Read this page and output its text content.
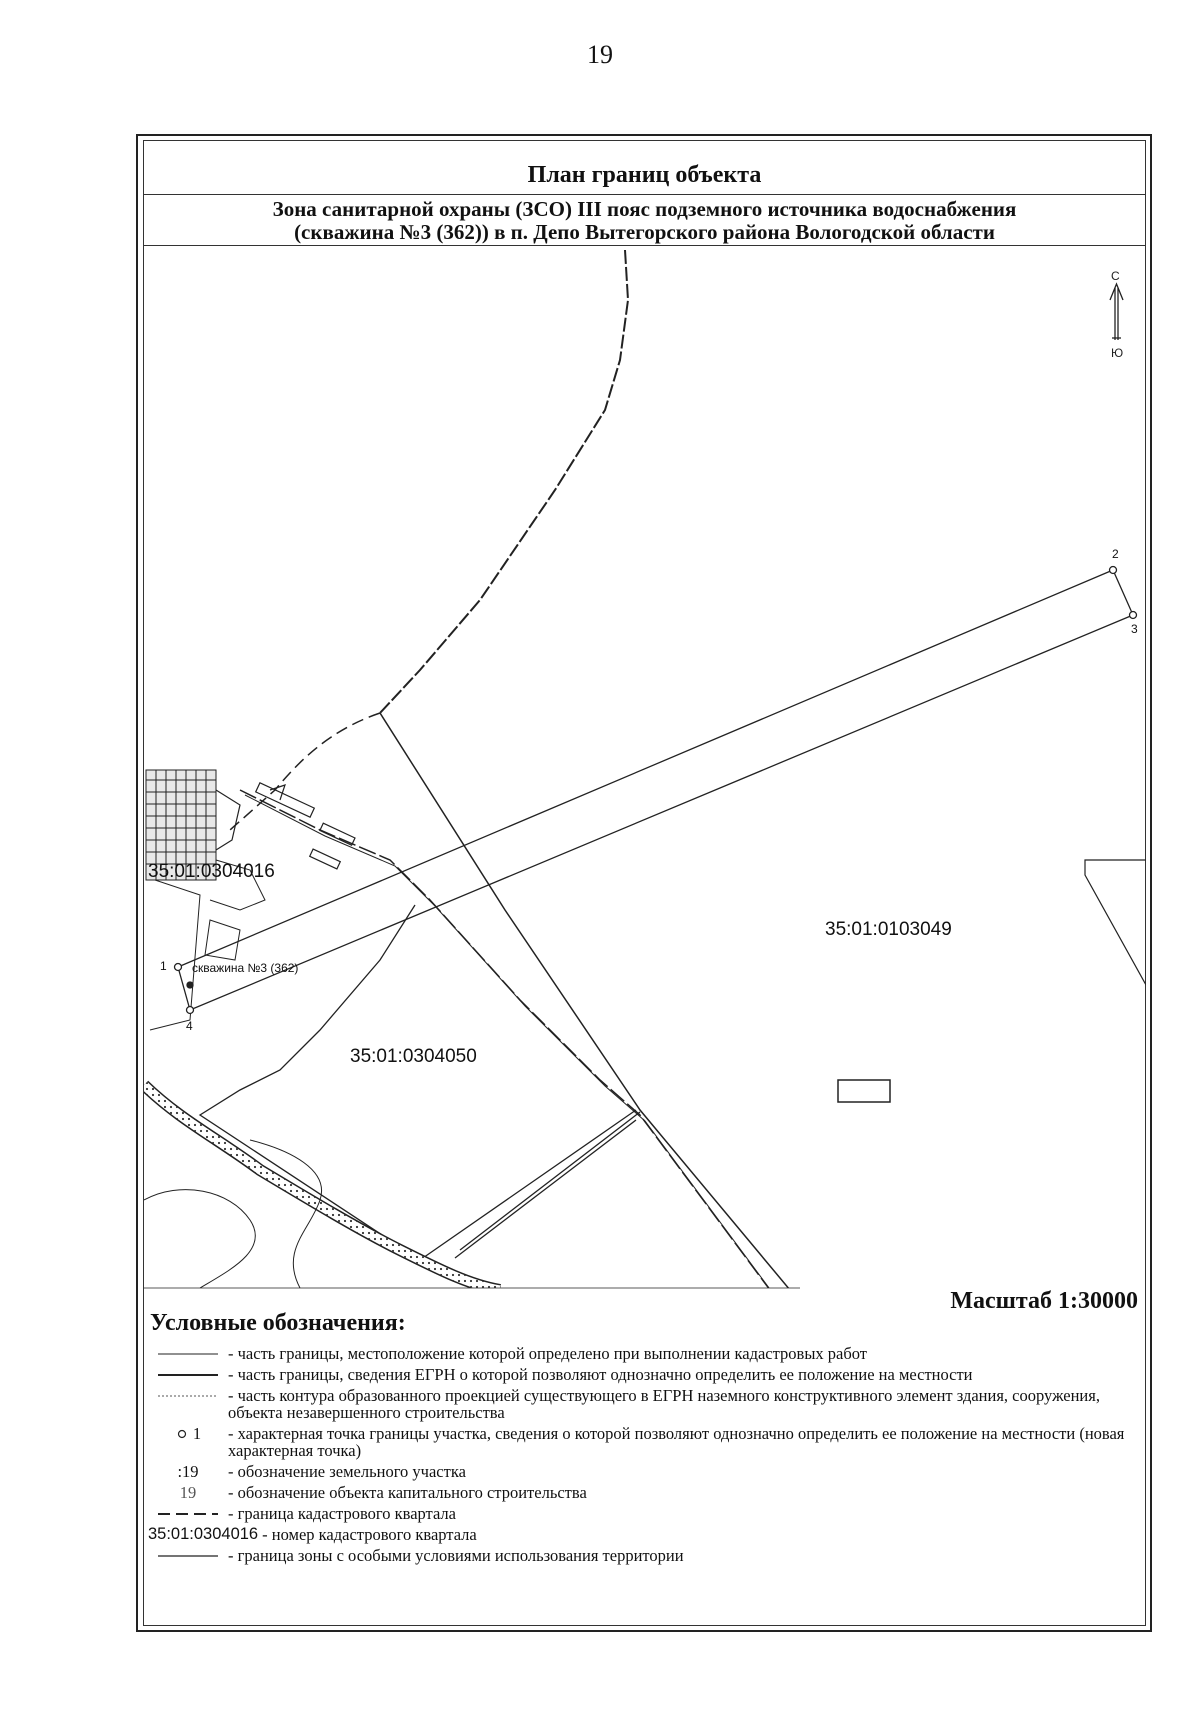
19
План границ объекта
Зона санитарной охраны (ЗСО) III пояс подземного источника водоснабжения
(скважина №3 (362)) в п. Депо Вытегорского района Вологодской области
С
Ю
35:01:0304016
35:01:0103049
35:01:0304050
скважина №3 (362)
1
2
3
4
Масштаб 1:30000
Условные обозначения:
- часть границы, местоположение которой определено при выполнении кадастровых работ
- часть границы, сведения ЕГРН о которой позволяют однозначно определить ее положение на местности
- часть контура образованного проекцией существующего в ЕГРН наземного конструктивного элемент здания, сооружения, объекта незавершенного строительства
1 - характерная точка границы участка, сведения о которой позволяют однозначно определить ее положение на местности (новая характерная точка)
:19	- обозначение земельного участка
19	- обозначение объекта капитального строительства
- граница кадастрового квартала
35:01:0304016 - номер кадастрового квартала
- граница зоны с особыми условиями использования территории
